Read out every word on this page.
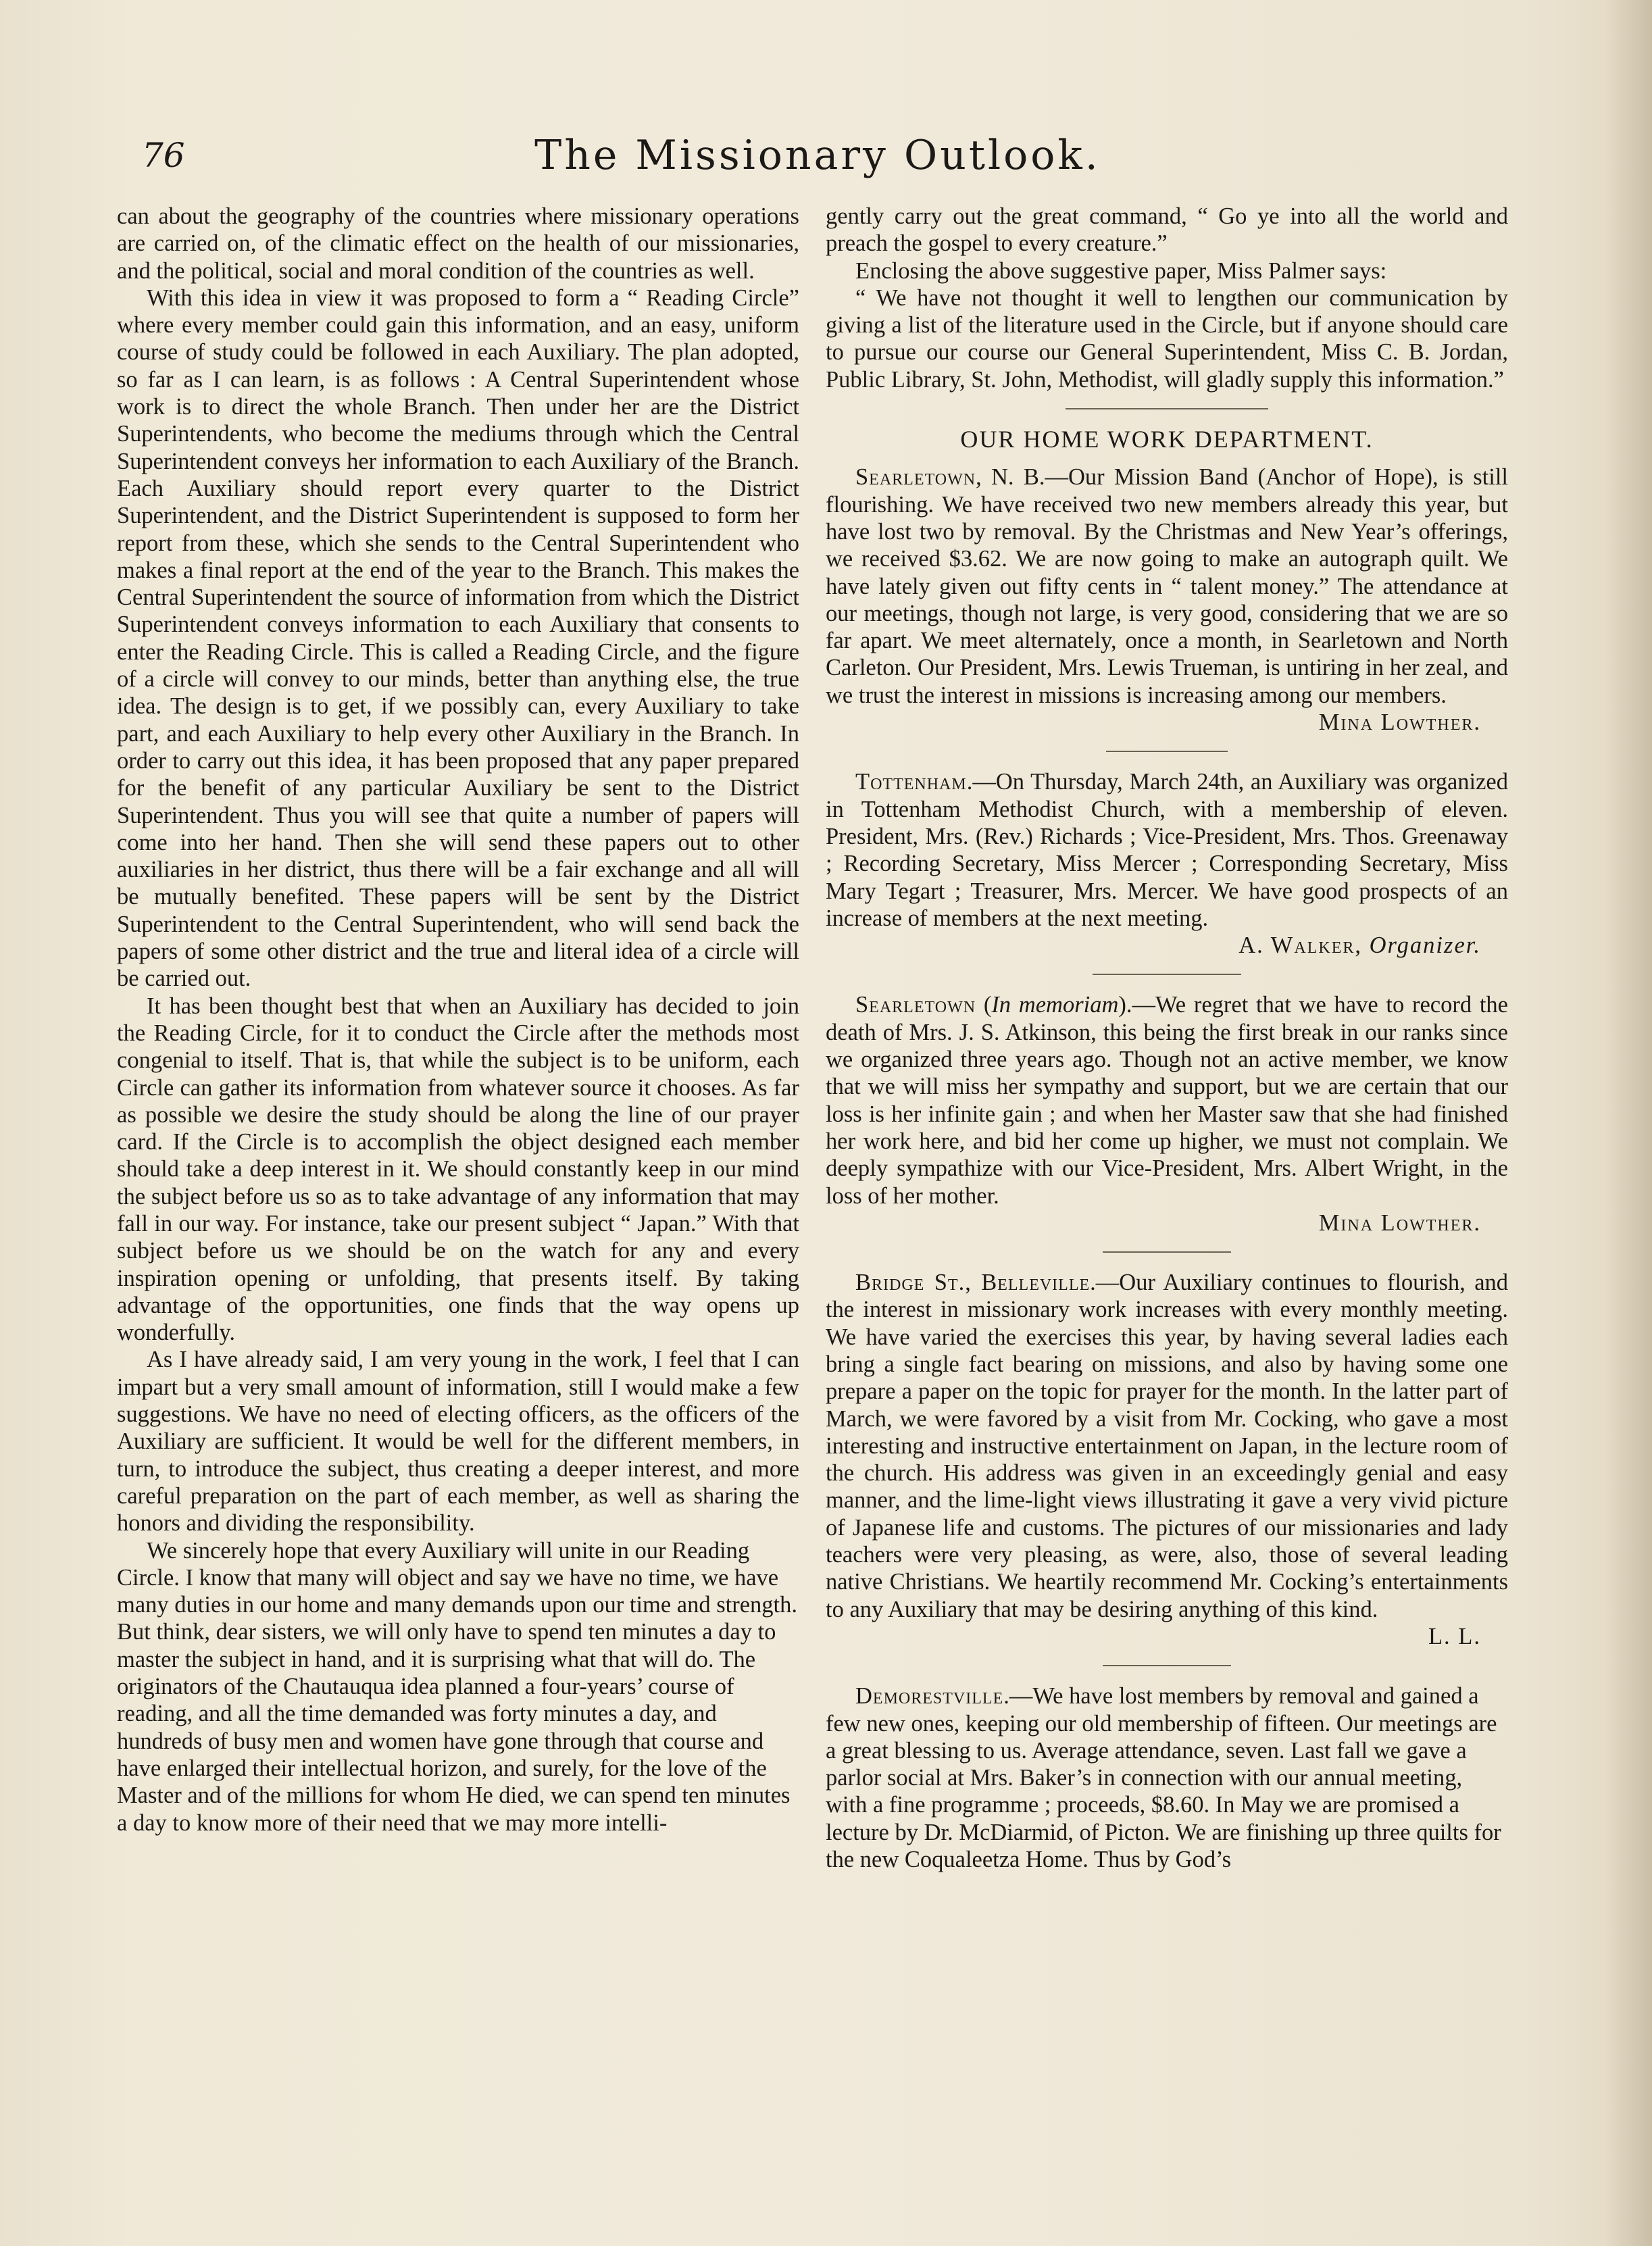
76	The Missionary Outlook.

can about the geography of the countries where missionary operations are carried on, of the climatic effect on the health of our missionaries, and the political, social and moral condition of the countries as well.

With this idea in view it was proposed to form a “ Reading Circle” where every member could gain this information, and an easy, uniform course of study could be followed in each Auxiliary. The plan adopted, so far as I can learn, is as follows : A Central Superintendent whose work is to direct the whole Branch. Then under her are the District Superintendents, who become the mediums through which the Central Superintendent conveys her information to each Auxiliary of the Branch. Each Auxiliary should report every quarter to the District Superintendent, and the District Superintendent is supposed to form her report from these, which she sends to the Central Superintendent who makes a final report at the end of the year to the Branch. This makes the Central Superintendent the source of information from which the District Superintendent conveys information to each Auxiliary that consents to enter the Reading Circle. This is called a Reading Circle, and the figure of a circle will convey to our minds, better than anything else, the true idea. The design is to get, if we possibly can, every Auxiliary to take part, and each Auxiliary to help every other Auxiliary in the Branch. In order to carry out this idea, it has been proposed that any paper prepared for the benefit of any particular Auxiliary be sent to the District Superintendent. Thus you will see that quite a number of papers will come into her hand. Then she will send these papers out to other auxiliaries in her district, thus there will be a fair exchange and all will be mutually benefited. These papers will be sent by the District Superintendent to the Central Superintendent, who will send back the papers of some other district and the true and literal idea of a circle will be carried out.

It has been thought best that when an Auxiliary has decided to join the Reading Circle, for it to conduct the Circle after the methods most congenial to itself. That is, that while the subject is to be uniform, each Circle can gather its information from whatever source it chooses. As far as possible we desire the study should be along the line of our prayer card. If the Circle is to accomplish the object designed each member should take a deep interest in it. We should constantly keep in our mind the subject before us so as to take advantage of any information that may fall in our way. For instance, take our present subject “ Japan.” With that subject before us we should be on the watch for any and every inspiration opening or unfolding, that presents itself. By taking advantage of the opportunities, one finds that the way opens up wonderfully.

As I have already said, I am very young in the work, I feel that I can impart but a very small amount of information, still I would make a few suggestions. We have no need of electing officers, as the officers of the Auxiliary are sufficient. It would be well for the different members, in turn, to introduce the subject, thus creating a deeper interest, and more careful preparation on the part of each member, as well as sharing the honors and dividing the responsibility.

We sincerely hope that every Auxiliary will unite in our Reading Circle. I know that many will object and say we have no time, we have many duties in our home and many demands upon our time and strength. But think, dear sisters, we will only have to spend ten minutes a day to master the subject in hand, and it is surprising what that will do. The originators of the Chautauqua idea planned a four-years’ course of reading, and all the time demanded was forty minutes a day, and hundreds of busy men and women have gone through that course and have enlarged their intellectual horizon, and surely, for the love of the Master and of the millions for whom He died, we can spend ten minutes a day to know more of their need that we may more intelli-

gently carry out the great command, “ Go ye into all the world and preach the gospel to every creature.”

Enclosing the above suggestive paper, Miss Palmer says:

“ We have not thought it well to lengthen our communication by giving a list of the literature used in the Circle, but if anyone should care to pursue our course our General Superintendent, Miss C. B. Jordan, Public Library, St. John, Methodist, will gladly supply this information.”

OUR HOME WORK DEPARTMENT.

Searletown, N. B.—Our Mission Band (Anchor of Hope), is still flourishing. We have received two new members already this year, but have lost two by removal. By the Christmas and New Year’s offerings, we received $3.62. We are now going to make an autograph quilt. We have lately given out fifty cents in “ talent money.” The attendance at our meetings, though not large, is very good, considering that we are so far apart. We meet alternately, once a month, in Searletown and North Carleton. Our President, Mrs. Lewis Trueman, is untiring in her zeal, and we trust the interest in missions is increasing among our members.

Mina Lowther.

Tottenham.—On Thursday, March 24th, an Auxiliary was organized in Tottenham Methodist Church, with a membership of eleven. President, Mrs. (Rev.) Richards ; Vice-President, Mrs. Thos. Greenaway ; Recording Secretary, Miss Mercer ; Corresponding Secretary, Miss Mary Tegart ; Treasurer, Mrs. Mercer. We have good prospects of an increase of members at the next meeting.

A. Walker, Organizer.

Searletown (In memoriam).—We regret that we have to record the death of Mrs. J. S. Atkinson, this being the first break in our ranks since we organized three years ago. Though not an active member, we know that we will miss her sympathy and support, but we are certain that our loss is her infinite gain ; and when her Master saw that she had finished her work here, and bid her come up higher, we must not complain. We deeply sympathize with our Vice-President, Mrs. Albert Wright, in the loss of her mother.

Mina Lowther.

Bridge St., Belleville.—Our Auxiliary continues to flourish, and the interest in missionary work increases with every monthly meeting. We have varied the exercises this year, by having several ladies each bring a single fact bearing on missions, and also by having some one prepare a paper on the topic for prayer for the month. In the latter part of March, we were favored by a visit from Mr. Cocking, who gave a most interesting and instructive entertainment on Japan, in the lecture room of the church. His address was given in an exceedingly genial and easy manner, and the lime-light views illustrating it gave a very vivid picture of Japanese life and customs. The pictures of our missionaries and lady teachers were very pleasing, as were, also, those of several leading native Christians. We heartily recommend Mr. Cocking’s entertainments to any Auxiliary that may be desiring anything of this kind.

L. L.

Demorestville.—We have lost members by removal and gained a few new ones, keeping our old membership of fifteen. Our meetings are a great blessing to us. Average attendance, seven. Last fall we gave a parlor social at Mrs. Baker’s in connection with our annual meeting, with a fine programme ; proceeds, $8.60. In May we are promised a lecture by Dr. McDiarmid, of Picton. We are finishing up three quilts for the new Coqualeetza Home. Thus by God’s
